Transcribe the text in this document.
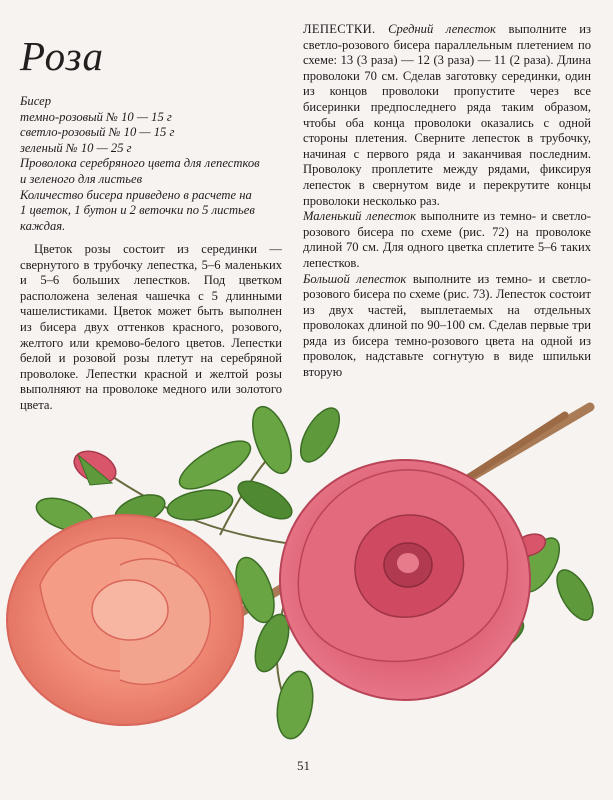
Роза
Бисер
темно-розовый № 10 — 15 г
светло-розовый № 10 — 15 г
зеленый № 10 — 25 г
Проволока серебряного цвета для лепестков
и зеленого для листьев
Количество бисера приведено в расчете на
1 цветок, 1 бутон и 2 веточки по 5 листьев
каждая.

Цветок розы состоит из серединки — свернутого в трубочку лепестка, 5–6 маленьких и 5–6 больших лепестков. Под цветком расположена зеленая чашечка с 5 длинными чашелистиками. Цветок может быть выполнен из бисера двух оттенков красного, розового, желтого или кремово-белого цветов. Лепестки белой и розовой розы плетут на серебряной проволоке. Лепестки красной и желтой розы выполняют на проволоке медного или золотого цвета.

ЛЕПЕСТКИ. Средний лепесток выполните из светло-розового бисера параллельным плетением по схеме: 13 (3 раза) — 12 (3 раза) — 11 (2 раза). Длина проволоки 70 см. Сделав заготовку серединки, один из концов проволоки пропустите через все бисеринки предпоследнего ряда таким образом, чтобы оба конца проволоки оказались с одной стороны плетения. Сверните лепесток в трубочку, начиная с первого ряда и заканчивая последним. Проволоку проплетите между рядами, фиксируя лепесток в свернутом виде и перекрутите концы проволоки несколько раз.

Маленький лепесток выполните из темно- и светло-розового бисера по схеме (рис. 72) на проволоке длиной 70 см. Для одного цветка сплетите 5–6 таких лепестков.

Большой лепесток выполните из темно- и светло-розового бисера по схеме (рис. 73). Лепесток состоит из двух частей, выплетаемых на отдельных проволоках длиной по 90–100 см. Сделав первые три ряда из бисера темно-розового цвета на одной из проволок, надставьте согнутую в виде шпильки вторую

51
